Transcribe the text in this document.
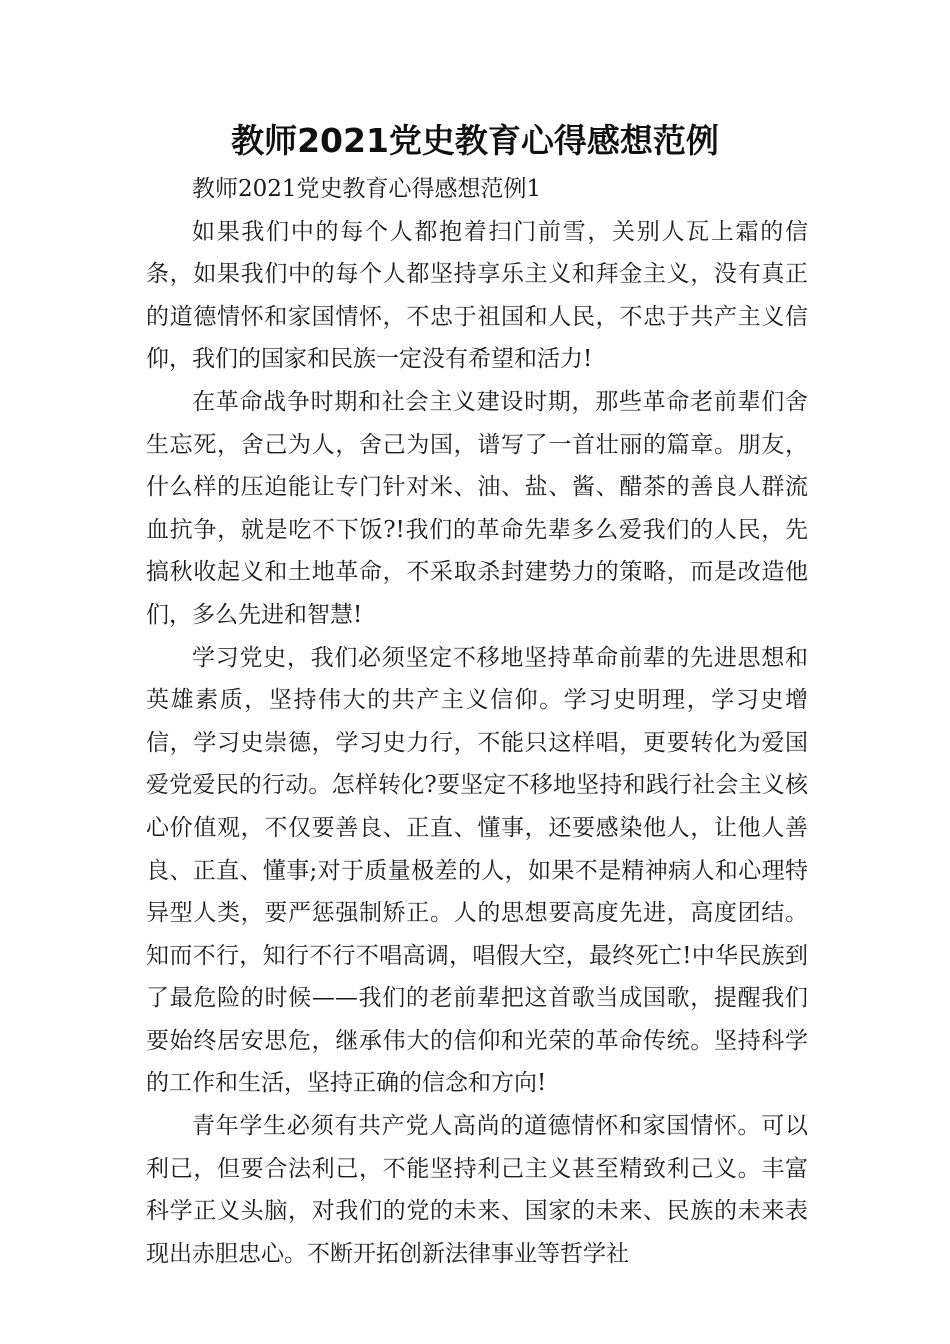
教师2021党史教育心得感想范例

教师2021党史教育心得感想范例1

如果我们中的每个人都抱着扫门前雪，关别人瓦上霜的信条，如果我们中的每个人都坚持享乐主义和拜金主义，没有真正的道德情怀和家国情怀，不忠于祖国和人民，不忠于共产主义信仰，我们的国家和民族一定没有希望和活力!

在革命战争时期和社会主义建设时期，那些革命老前辈们舍生忘死，舍己为人，舍己为国，谱写了一首壮丽的篇章。朋友，什么样的压迫能让专门针对米、油、盐、酱、醋茶的善良人群流血抗争，就是吃不下饭?!我们的革命先辈多么爱我们的人民，先搞秋收起义和土地革命，不采取杀封建势力的策略，而是改造他们，多么先进和智慧!

学习党史，我们必须坚定不移地坚持革命前辈的先进思想和英雄素质，坚持伟大的共产主义信仰。学习史明理，学习史增信，学习史崇德，学习史力行，不能只这样唱，更要转化为爱国爱党爱民的行动。怎样转化?要坚定不移地坚持和践行社会主义核心价值观，不仅要善良、正直、懂事，还要感染他人，让他人善良、正直、懂事;对于质量极差的人，如果不是精神病人和心理特异型人类，要严惩强制矫正。人的思想要高度先进，高度团结。知而不行，知行不行不唱高调，唱假大空，最终死亡!中华民族到了最危险的时候——我们的老前辈把这首歌当成国歌，提醒我们要始终居安思危，继承伟大的信仰和光荣的革命传统。坚持科学的工作和生活，坚持正确的信念和方向!

青年学生必须有共产党人高尚的道德情怀和家国情怀。可以利己，但要合法利己，不能坚持利己主义甚至精致利己义。丰富科学正义头脑，对我们的党的未来、国家的未来、民族的未来表现出赤胆忠心。不断开拓创新法律事业等哲学社
